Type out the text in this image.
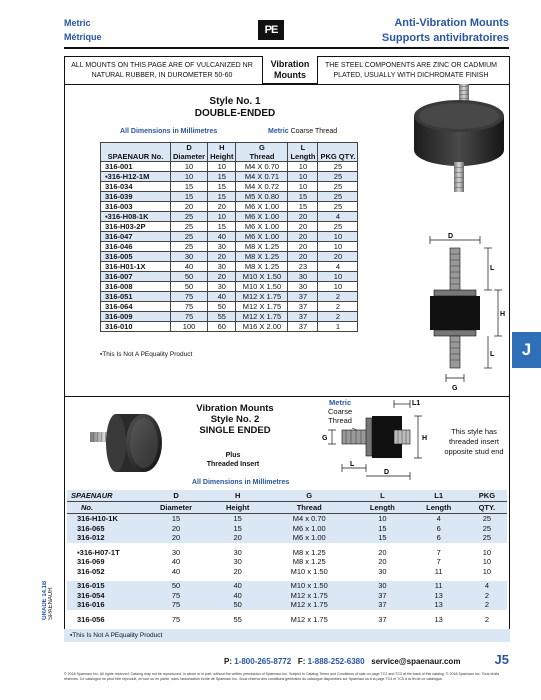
Metric
Métrique
PE
Anti-Vibration Mounts
Supports antivibratoires
J
ALL MOUNTS ON THIS PAGE ARE OF VULCANIZED NR NATURAL RUBBER, IN DUROMETER 50-60
Vibration
Mounts
THE STEEL COMPONENTS ARE ZINC OR CADMIUM PLATED, USUALLY WITH DICHROMATE FINISH
Style No. 1
DOUBLE-ENDED
All Dimensions in Millimetres	Metric Coarse Thread
	D	H	G	L	
SPAENAUR No.	Diameter	Height	Thread	Length	PKG QTY.
316-001	10	10	M4 X 0.70	10	25
▪316-H12-1M	10	15	M4 X 0.71	10	25
316-034	15	15	M4 X 0.72	10	25
316-039	15	15	M5 X 0.80	15	25
316-003	20	20	M6 X 1.00	15	25
▪316-H08-1K	25	10	M6 X 1.00	20	4
316-H03-2P	25	15	M6 X 1.00	20	25
316-047	25	40	M6 X 1.00	20	10
316-046	25	30	M8 X 1.25	20	10
316-005	30	20	M8 X 1.25	20	20
316-H01-1X	40	30	M8 X 1.25	23	4
316-007	50	20	M10 X 1.50	30	10
316-008	50	30	M10 X 1.50	30	10
316-051	75	40	M12 X 1.75	37	2
316-064	75	50	M12 X 1.75	37	2
316-009	75	55	M12 X 1.75	37	2
316-010	100	60	M16 X 2.00	37	1
▪This Is Not A PEquality Product
D
L
H
L
G
Vibration Mounts
Style No. 2
SINGLE ENDED
Plus
Threaded Insert
Metric
Coarse
Thread
This style has threaded insert opposite stud end
L1
G	H
L
D
All Dimensions in Millimetres
SPAENAUR	D	H	G	L	L1	PKG
No.	Diameter	Height	Thread	Length	Length	QTY.
316-H10-1K	15	15	M4 x 0.70	10	4	25
316-065	20	15	M6 x 1.00	15	6	25
316-012	20	20	M6 x 1.00	15	6	25

▪316-H07-1T	30	30	M8 x 1.25	20	7	10
316-069	40	30	M8 x 1.25	20	7	10
316-052	40	20	M10 x 1.50	30	11	10

316-015	50	40	M10 x 1.50	30	11	4
316-054	75	40	M12 x 1.75	37	13	2
316-016	75	50	M12 x 1.75	37	13	2

316-056	75	55	M12 x 1.75	37	13	2
▪This Is Not A PEquality Product
GRADE 14.1B SPAENAUR
P: 1-800-265-8772 F: 1-888-252-6380 service@spaenaur.com	J5
© 2018 Spaenaur Inc. All rights reserved. Catalog may not be reproduced, in whole or in part, without the written permission of Spaenaur Inc. Subject to Catalog Terms and Conditions of sale on page TC2 and TC3 at the back of this catalog. © 2018 Spaenaur Inc. Tous droits réservés. Ce catalogue ne peut être reproduit, en tout ou en partie, sans l'autorisation écrite de Spaenaur Inc. Sous réserve des conditions générales du catalogue disponibles sur Spaenaur.ca à la page TC4 et TC5 à la fin de ce catalogue.
